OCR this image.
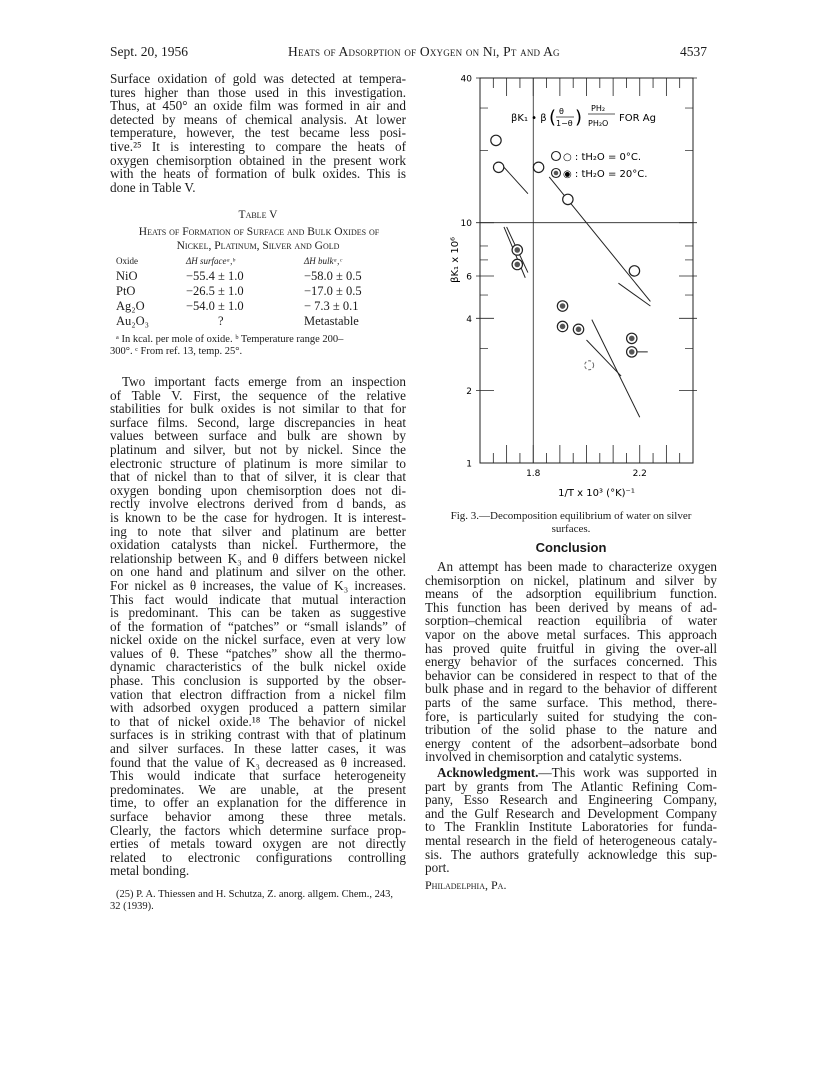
Sept. 20, 1956	Heats of Adsorption of Oxygen on Ni, Pt and Ag	4537
Surface oxidation of gold was detected at tempera-
tures higher than those used in this investigation.
Thus, at 450° an oxide film was formed in air and
detected by means of chemical analysis. At lower
temperature, however, the test became less posi-
tive.²⁵ It is interesting to compare the heats of
oxygen chemisorption obtained in the present work
with the heats of formation of bulk oxides. This is
done in Table V.
Table V
Heats of Formation of Surface and Bulk Oxides of
Nickel, Platinum, Silver and Gold
Oxide	ΔH surfaceᵃ,ᵇ	ΔH bulkᵃ,ᶜ
NiO	−55.4 ± 1.0	−58.0 ± 0.5
PtO	−26.5 ± 1.0	−17.0 ± 0.5
Ag₂O	−54.0 ± 1.0	− 7.3 ± 0.1
Au₂O₃	?	Metastable
ᵃ In kcal. per mole of oxide. ᵇ Temperature range 200–
300°. ᶜ From ref. 13, temp. 25°.
Two important facts emerge from an inspection
of Table V. First, the sequence of the relative
stabilities for bulk oxides is not similar to that for
surface films. Second, large discrepancies in heat
values between surface and bulk are shown by
platinum and silver, but not by nickel. Since the
electronic structure of platinum is more similar to
that of nickel than to that of silver, it is clear that
oxygen bonding upon chemisorption does not di-
rectly involve electrons derived from d bands, as
is known to be the case for hydrogen. It is interest-
ing to note that silver and platinum are better
oxidation catalysts than nickel. Furthermore, the
relationship between K₃ and θ differs between nickel
on one hand and platinum and silver on the other.
For nickel as θ increases, the value of K₃ increases.
This fact would indicate that mutual interaction
is predominant. This can be taken as suggestive
of the formation of “patches” or “small islands” of
nickel oxide on the nickel surface, even at very low
values of θ. These “patches” show all the thermo-
dynamic characteristics of the bulk nickel oxide
phase. This conclusion is supported by the obser-
vation that electron diffraction from a nickel film
with adsorbed oxygen produced a pattern similar
to that of nickel oxide.¹⁸ The behavior of nickel
surfaces is in striking contrast with that of platinum
and silver surfaces. In these latter cases, it was
found that the value of K₃ decreased as θ increased.
This would indicate that surface heterogeneity
predominates. We are unable, at the present
time, to offer an explanation for the difference in
surface behavior among these three metals.
Clearly, the factors which determine surface prop-
erties of metals toward oxygen are not directly
related to electronic configurations controlling
metal bonding.
(25) P. A. Thiessen and H. Schutza, Z. anorg. allgem. Chem., 243,
32 (1939).
40
10
6
4
2
1
1.8	2.2
βK₁ x 10⁶
1/T x 10³ (°K)⁻¹
βK₁ • β ( θ
1−θ ) PH₂
PH₂O FOR Ag
○ : tH₂O = 0°C.
◉ : tH₂O = 20°C.
Fig. 3.—Decomposition equilibrium of water on silver
surfaces.
Conclusion
An attempt has been made to characterize oxygen
chemisorption on nickel, platinum and silver by
means of the adsorption equilibrium function.
This function has been derived by means of ad-
sorption–chemical reaction equilibria of water
vapor on the above metal surfaces. This approach
has proved quite fruitful in giving the over-all
energy behavior of the surfaces concerned. This
behavior can be considered in respect to that of the
bulk phase and in regard to the behavior of different
parts of the same surface. This method, there-
fore, is particularly suited for studying the con-
tribution of the solid phase to the nature and
energy content of the adsorbent–adsorbate bond
involved in chemisorption and catalytic systems.
Acknowledgment.—This work was supported in
part by grants from The Atlantic Refining Com-
pany, Esso Research and Engineering Company,
and the Gulf Research and Development Company
to The Franklin Institute Laboratories for funda-
mental research in the field of heterogeneous cataly-
sis. The authors gratefully acknowledge this sup-
port.
Philadelphia, Pa.
